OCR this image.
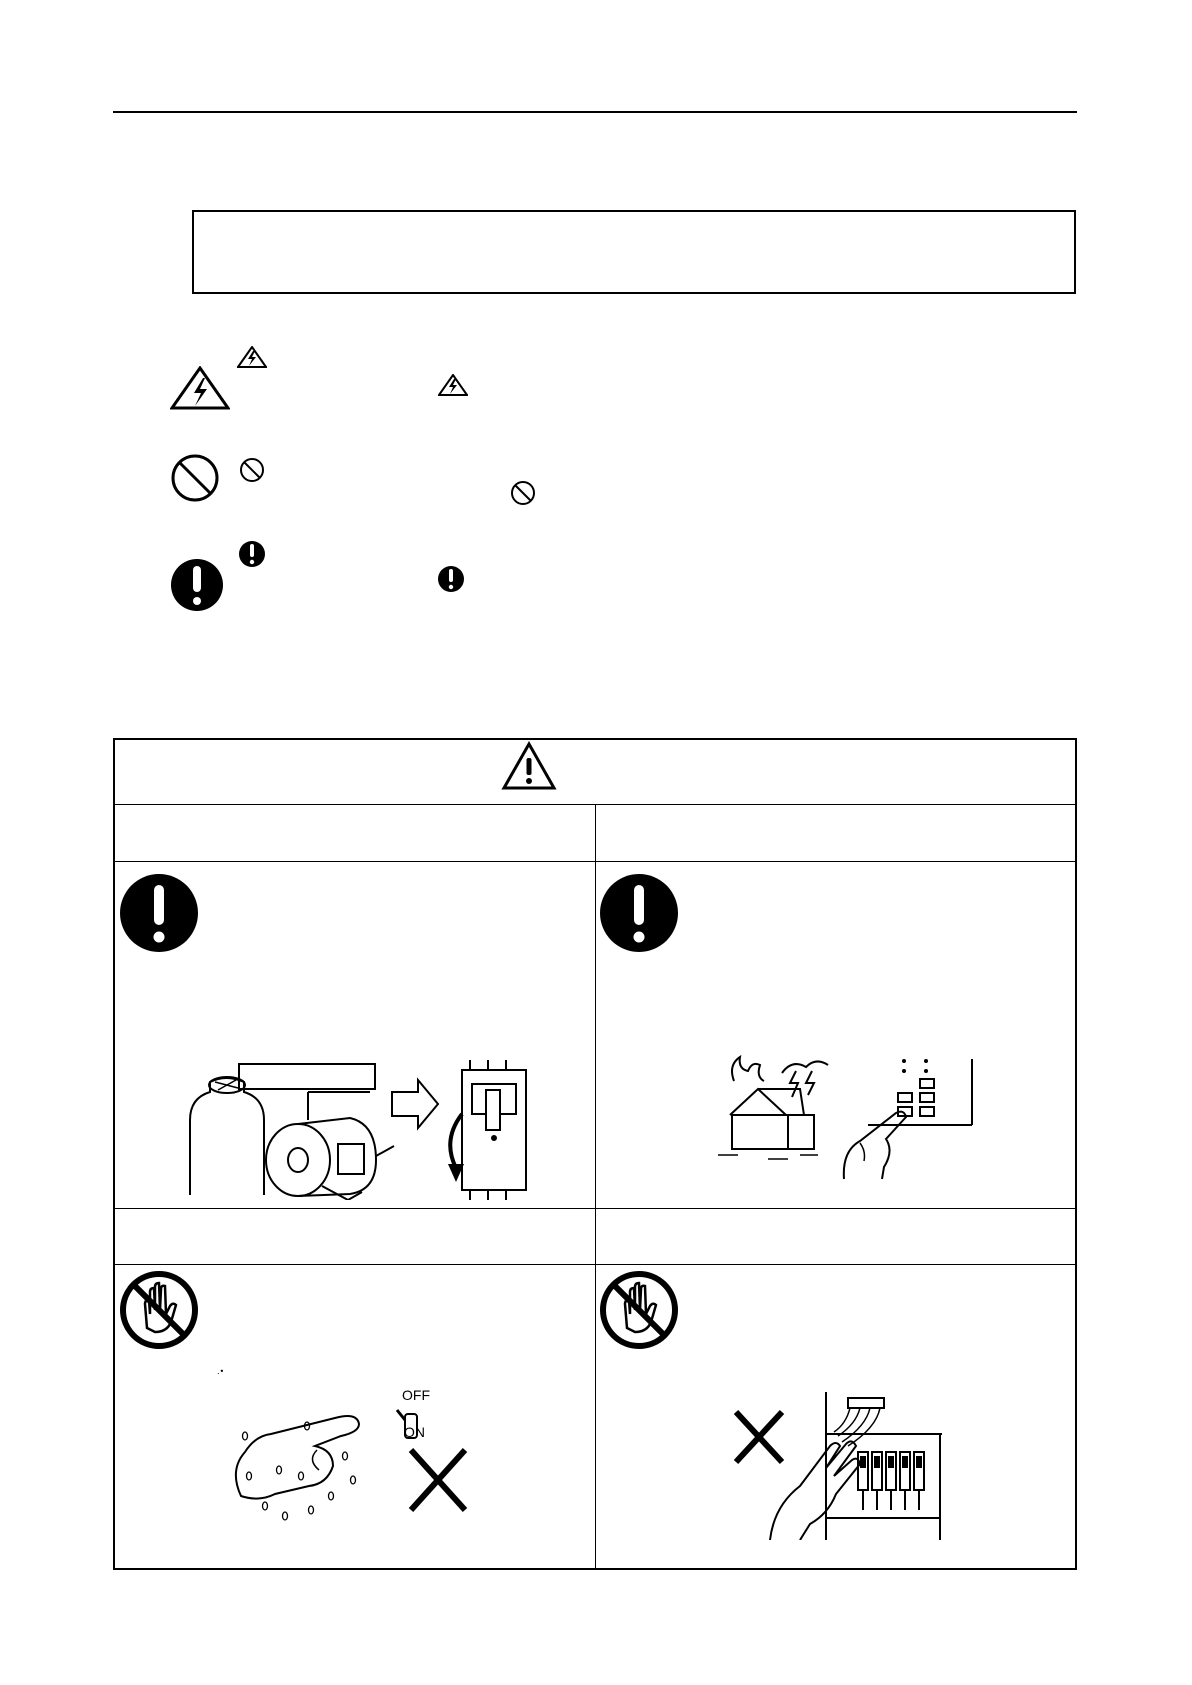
.•
OFF
ON
